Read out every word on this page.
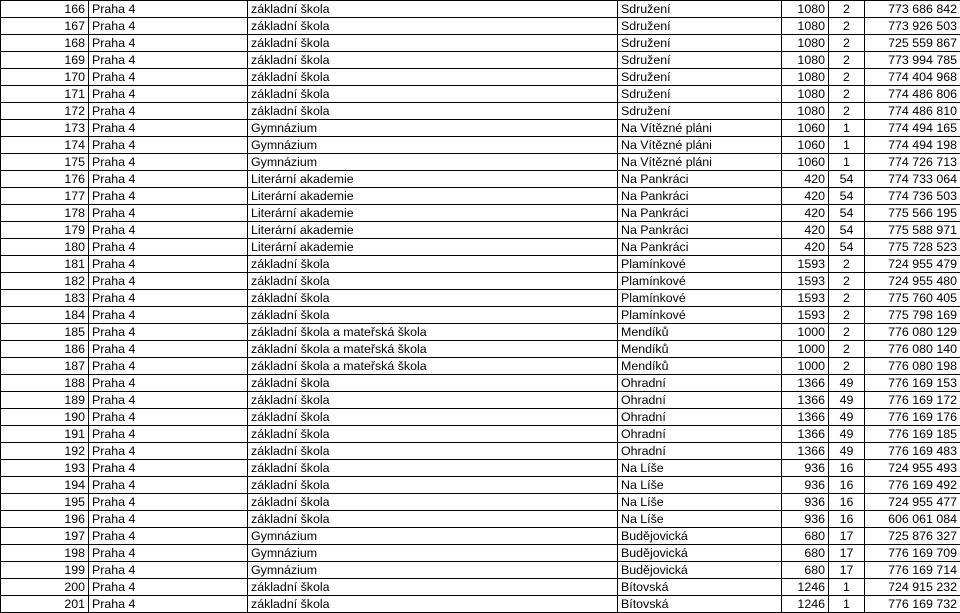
166	Praha 4	základní škola	Sdružení	1080	2	773 686 842
167	Praha 4	základní škola	Sdružení	1080	2	773 926 503
168	Praha 4	základní škola	Sdružení	1080	2	725 559 867
169	Praha 4	základní škola	Sdružení	1080	2	773 994 785
170	Praha 4	základní škola	Sdružení	1080	2	774 404 968
171	Praha 4	základní škola	Sdružení	1080	2	774 486 806
172	Praha 4	základní škola	Sdružení	1080	2	774 486 810
173	Praha 4	Gymnázium	Na Vítězné pláni	1060	1	774 494 165
174	Praha 4	Gymnázium	Na Vítězné pláni	1060	1	774 494 198
175	Praha 4	Gymnázium	Na Vítězné pláni	1060	1	774 726 713
176	Praha 4	Literární akademie	Na Pankráci	420	54	774 733 064
177	Praha 4	Literární akademie	Na Pankráci	420	54	774 736 503
178	Praha 4	Literární akademie	Na Pankráci	420	54	775 566 195
179	Praha 4	Literární akademie	Na Pankráci	420	54	775 588 971
180	Praha 4	Literární akademie	Na Pankráci	420	54	775 728 523
181	Praha 4	základní škola	Plamínkové	1593	2	724 955 479
182	Praha 4	základní škola	Plamínkové	1593	2	724 955 480
183	Praha 4	základní škola	Plamínkové	1593	2	775 760 405
184	Praha 4	základní škola	Plamínkové	1593	2	775 798 169
185	Praha 4	základní škola a mateřská škola	Mendíků	1000	2	776 080 129
186	Praha 4	základní škola a mateřská škola	Mendíků	1000	2	776 080 140
187	Praha 4	základní škola a mateřská škola	Mendíků	1000	2	776 080 198
188	Praha 4	základní škola	Ohradní	1366	49	776 169 153
189	Praha 4	základní škola	Ohradní	1366	49	776 169 172
190	Praha 4	základní škola	Ohradní	1366	49	776 169 176
191	Praha 4	základní škola	Ohradní	1366	49	776 169 185
192	Praha 4	základní škola	Ohradní	1366	49	776 169 483
193	Praha 4	základní škola	Na Líše	936	16	724 955 493
194	Praha 4	základní škola	Na Líše	936	16	776 169 492
195	Praha 4	základní škola	Na Líše	936	16	724 955 477
196	Praha 4	základní škola	Na Líše	936	16	606 061 084
197	Praha 4	Gymnázium	Budějovická	680	17	725 876 327
198	Praha 4	Gymnázium	Budějovická	680	17	776 169 709
199	Praha 4	Gymnázium	Budějovická	680	17	776 169 714
200	Praha 4	základní škola	Bítovská	1246	1	724 915 232
201	Praha 4	základní škola	Bítovská	1246	1	776 169 732
